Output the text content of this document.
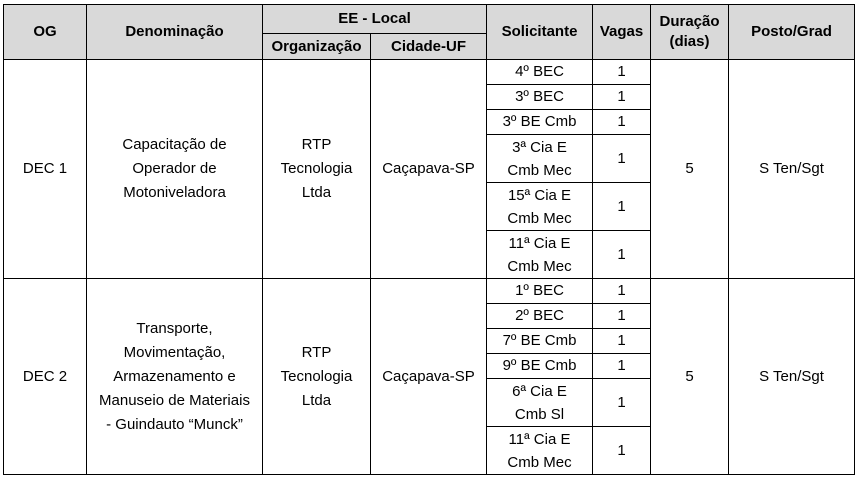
OG	Denominação	EE - Local		Solicitante	Vagas	Duração (dias)	Posto/Grad
		Organização	Cidade-UF				
DEC 1	Capacitação de Operador de Motoniveladora	RTP Tecnologia Ltda	Caçapava-SP	4º BEC	1	5	S Ten/Sgt
				3º BEC	1		
				3º BE Cmb	1		
				3ª Cia E Cmb Mec	1		
				15ª Cia E Cmb Mec	1		
				11ª Cia E Cmb Mec	1		
DEC 2	Transporte, Movimentação, Armazenamento e Manuseio de Materiais - Guindauto “Munck”	RTP Tecnologia Ltda	Caçapava-SP	1º BEC	1	5	S Ten/Sgt
				2º BEC	1		
				7º BE Cmb	1		
				9º BE Cmb	1		
				6ª Cia E Cmb Sl	1		
				11ª Cia E Cmb Mec	1		
